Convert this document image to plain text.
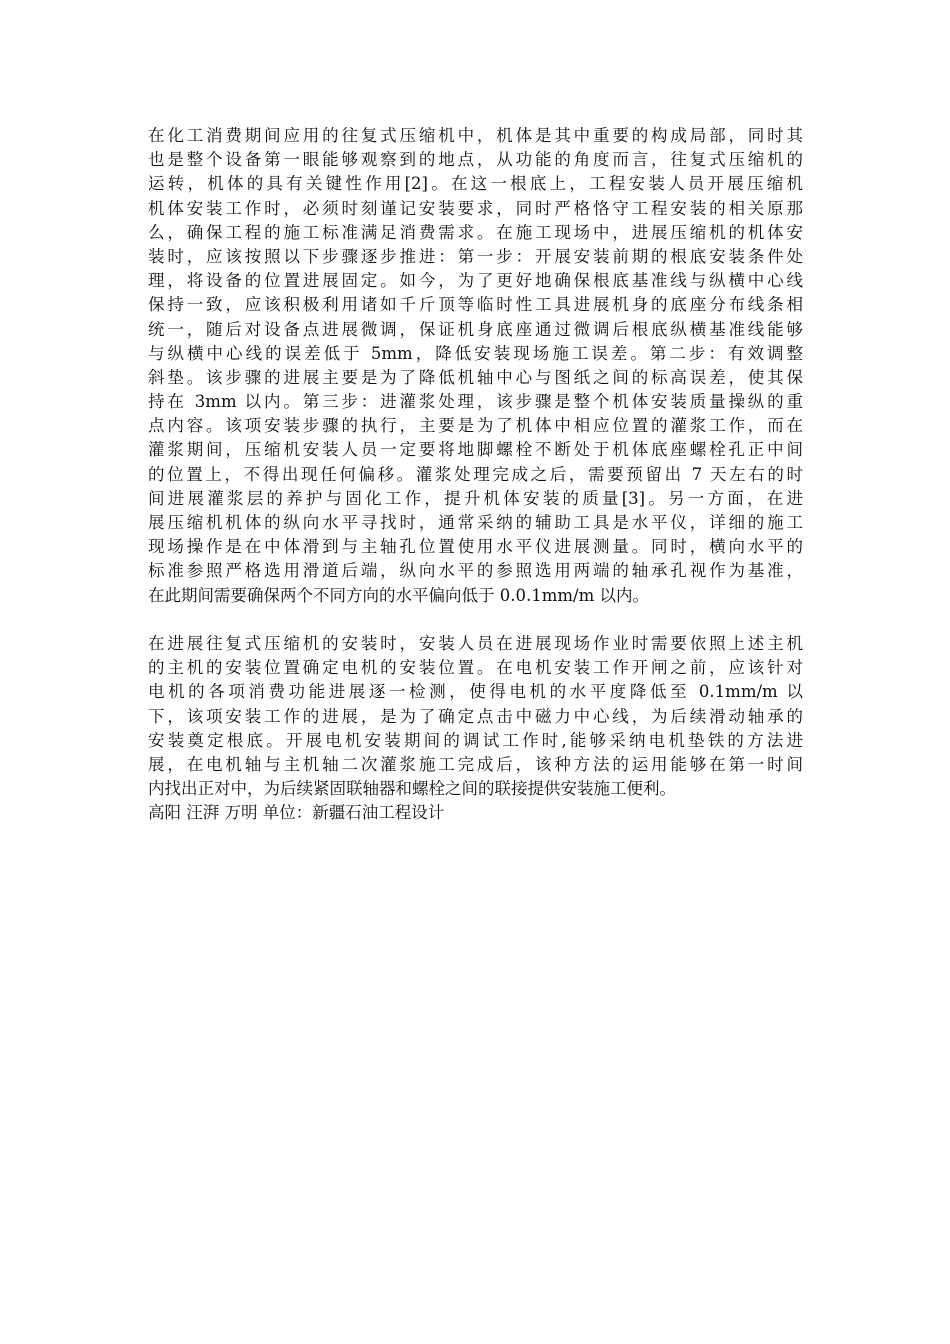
在化工消费期间应用的往复式压缩机中，机体是其中重要的构成局部，同时其
也是整个设备第一眼能够观察到的地点，从功能的角度而言，往复式压缩机的
运转，机体的具有关键性作用[2]。在这一根底上，工程安装人员开展压缩机
机体安装工作时，必须时刻谨记安装要求，同时严格恪守工程安装的相关原那
么，确保工程的施工标准满足消费需求。在施工现场中，进展压缩机的机体安
装时，应该按照以下步骤逐步推进：第一步：开展安装前期的根底安装条件处
理，将设备的位置进展固定。如今，为了更好地确保根底基准线与纵横中心线
保持一致，应该积极利用诸如千斤顶等临时性工具进展机身的底座分布线条相
统一，随后对设备点进展微调，保证机身底座通过微调后根底纵横基准线能够
与纵横中心线的误差低于 5mm，降低安装现场施工误差。第二步：有效调整
斜垫。该步骤的进展主要是为了降低机轴中心与图纸之间的标高误差，使其保
持在 3mm 以内。第三步：进灌浆处理，该步骤是整个机体安装质量操纵的重
点内容。该项安装步骤的执行，主要是为了机体中相应位置的灌浆工作，而在
灌浆期间，压缩机安装人员一定要将地脚螺栓不断处于机体底座螺栓孔正中间
的位置上，不得出现任何偏移。灌浆处理完成之后，需要预留出 7 天左右的时
间进展灌浆层的养护与固化工作，提升机体安装的质量[3]。另一方面，在进
展压缩机机体的纵向水平寻找时，通常采纳的辅助工具是水平仪，详细的施工
现场操作是在中体滑到与主轴孔位置使用水平仪进展测量。同时，横向水平的
标准参照严格选用滑道后端，纵向水平的参照选用两端的轴承孔视作为基准，
在此期间需要确保两个不同方向的水平偏向低于 0.0.1mm/m 以内。
在进展往复式压缩机的安装时，安装人员在进展现场作业时需要依照上述主机
的主机的安装位置确定电机的安装位置。在电机安装工作开闸之前，应该针对
电机的各项消费功能进展逐一检测，使得电机的水平度降低至 0.1mm/m 以
下，该项安装工作的进展，是为了确定点击中磁力中心线，为后续滑动轴承的
安装奠定根底。开展电机安装期间的调试工作时,能够采纳电机垫铁的方法进
展，在电机轴与主机轴二次灌浆施工完成后，该种方法的运用能够在第一时间
内找出正对中，为后续紧固联轴器和螺栓之间的联接提供安装施工便利。
高阳 汪湃 万明 单位：新疆石油工程设计
